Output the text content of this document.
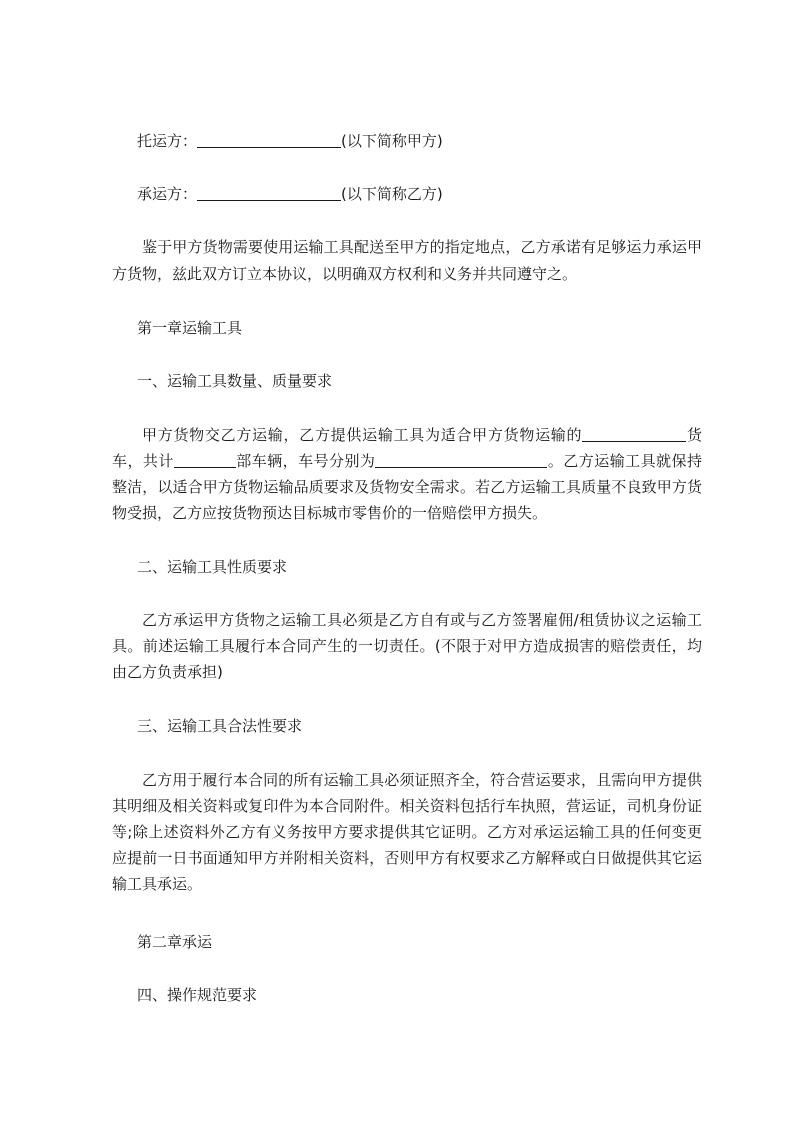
托运方：	(以下简称甲方)
承运方：	(以下简称乙方)
鉴于甲方货物需要使用运输工具配送至甲方的指定地点，乙方承诺有足够运力承运甲方货物，兹此双方订立本协议，以明确双方权利和义务并共同遵守之。
第一章运输工具
一、运输工具数量、质量要求
甲方货物交乙方运输，乙方提供运输工具为适合甲方货物运输的	货车，共计	部车辆，车号分别为	。乙方运输工具就保持整洁，以适合甲方货物运输品质要求及货物安全需求。若乙方运输工具质量不良致甲方货物受损，乙方应按货物预达目标城市零售价的一倍赔偿甲方损失。
二、运输工具性质要求
乙方承运甲方货物之运输工具必须是乙方自有或与乙方签署雇佣/租赁协议之运输工具。前述运输工具履行本合同产生的一切责任。(不限于对甲方造成损害的赔偿责任，均由乙方负责承担)
三、运输工具合法性要求
乙方用于履行本合同的所有运输工具必须证照齐全，符合营运要求，且需向甲方提供其明细及相关资料或复印件为本合同附件。相关资料包括行车执照，营运证，司机身份证等;除上述资料外乙方有义务按甲方要求提供其它证明。乙方对承运运输工具的任何变更应提前一日书面通知甲方并附相关资料，否则甲方有权要求乙方解释或白日做提供其它运输工具承运。
第二章承运
四、操作规范要求
